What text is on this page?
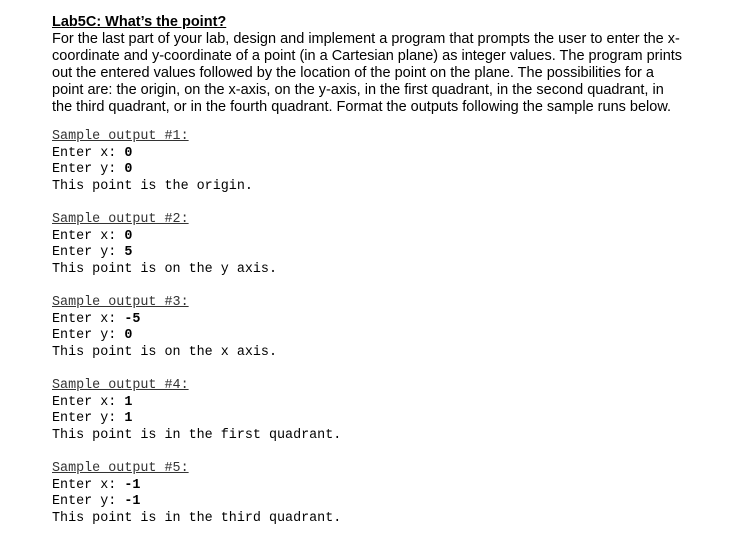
Lab5C: What’s the point?

For the last part of your lab, design and implement a program that prompts the user to enter the x-

coordinate and y-coordinate of a point (in a Cartesian plane) as integer values. The program prints

out the entered values followed by the location of the point on the plane. The possibilities for a

point are: the origin, on the x-axis, on the y-axis, in the first quadrant, in the second quadrant, in

the third quadrant, or in the fourth quadrant. Format the outputs following the sample runs below.

Sample output #1:

Enter x: 0

Enter y: 0

This point is the origin.

Sample output #2:

Enter x: 0

Enter y: 5

This point is on the y axis.

Sample output #3:

Enter x: -5

Enter y: 0

This point is on the x axis.

Sample output #4:

Enter x: 1

Enter y: 1

This point is in the first quadrant.

Sample output #5:

Enter x: -1

Enter y: -1

This point is in the third quadrant.
